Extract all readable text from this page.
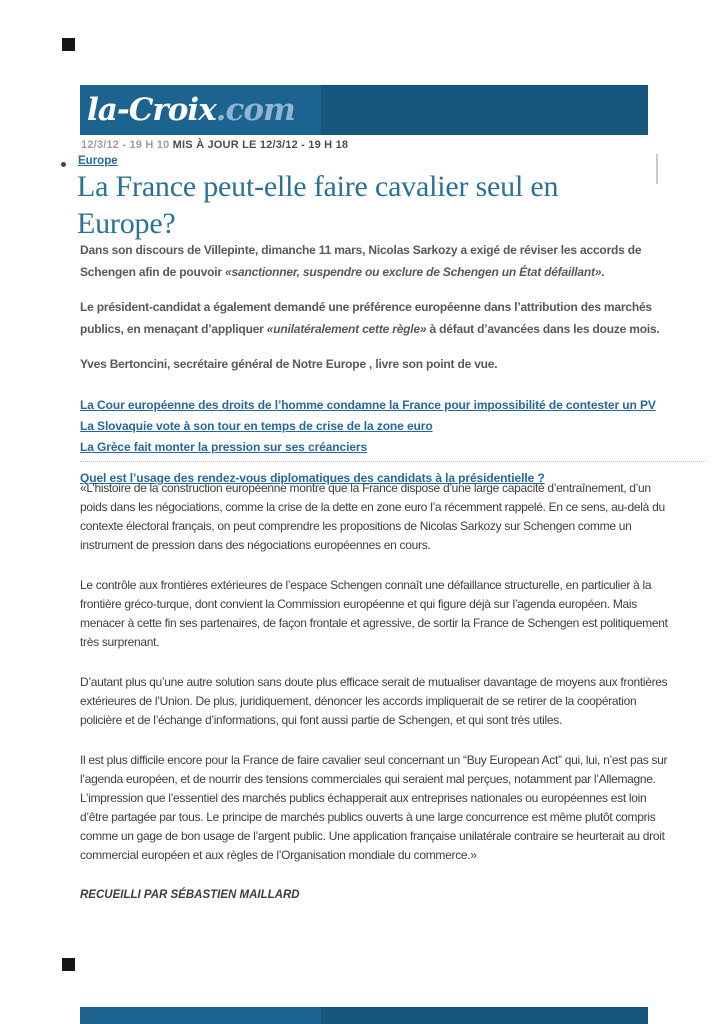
la-Croix.com
12/3/12 - 19 H 10 MIS À JOUR LE 12/3/12 - 19 H 18
Europe
La France peut-elle faire cavalier seul en
Europe?

Dans son discours de Villepinte, dimanche 11 mars, Nicolas Sarkozy a exigé de réviser les accords de Schengen afin de pouvoir «sanctionner, suspendre ou exclure de Schengen un État défaillant».

Le président-candidat a également demandé une préférence européenne dans l’attribution des marchés publics, en menaçant d’appliquer «unilatéralement cette règle» à défaut d’avancées dans les douze mois.

Yves Bertoncini, secrétaire général de Notre Europe , livre son point de vue.

La Cour européenne des droits de l’homme condamne la France pour impossibilité de contester un PV
La Slovaquie vote à son tour en temps de crise de la zone euro
La Grèce fait monter la pression sur ses créanciers
Quel est l’usage des rendez-vous diplomatiques des candidats à la présidentielle ?

«L’histoire de la construction européenne montre que la France dispose d’une large capacité d’entraînement, d’un poids dans les négociations, comme la crise de la dette en zone euro l’a récemment rappelé. En ce sens, au-delà du contexte électoral français, on peut comprendre les propositions de Nicolas Sarkozy sur Schengen comme un instrument de pression dans des négociations européennes en cours.

Le contrôle aux frontières extérieures de l’espace Schengen connaît une défaillance structurelle, en particulier à la frontière gréco-turque, dont convient la Commission européenne et qui figure déjà sur l’agenda européen. Mais menacer à cette fin ses partenaires, de façon frontale et agressive, de sortir la France de Schengen est politiquement très surprenant.

D’autant plus qu’une autre solution sans doute plus efficace serait de mutualiser davantage de moyens aux frontières extérieures de l’Union. De plus, juridiquement, dénoncer les accords impliquerait de se retirer de la coopération policière et de l’échange d’informations, qui font aussi partie de Schengen, et qui sont très utiles.

Il est plus difficile encore pour la France de faire cavalier seul concernant un “Buy European Act” qui, lui, n’est pas sur l’agenda européen, et de nourrir des tensions commerciales qui seraient mal perçues, notamment par l’Allemagne. L’impression que l’essentiel des marchés publics échapperait aux entreprises nationales ou européennes est loin d’être partagée par tous. Le principe de marchés publics ouverts à une large concurrence est même plutôt compris comme un gage de bon usage de l’argent public. Une application française unilatérale contraire se heurterait au droit commercial européen et aux règles de l’Organisation mondiale du commerce.»

RECUEILLI PAR SÉBASTIEN MAILLARD
